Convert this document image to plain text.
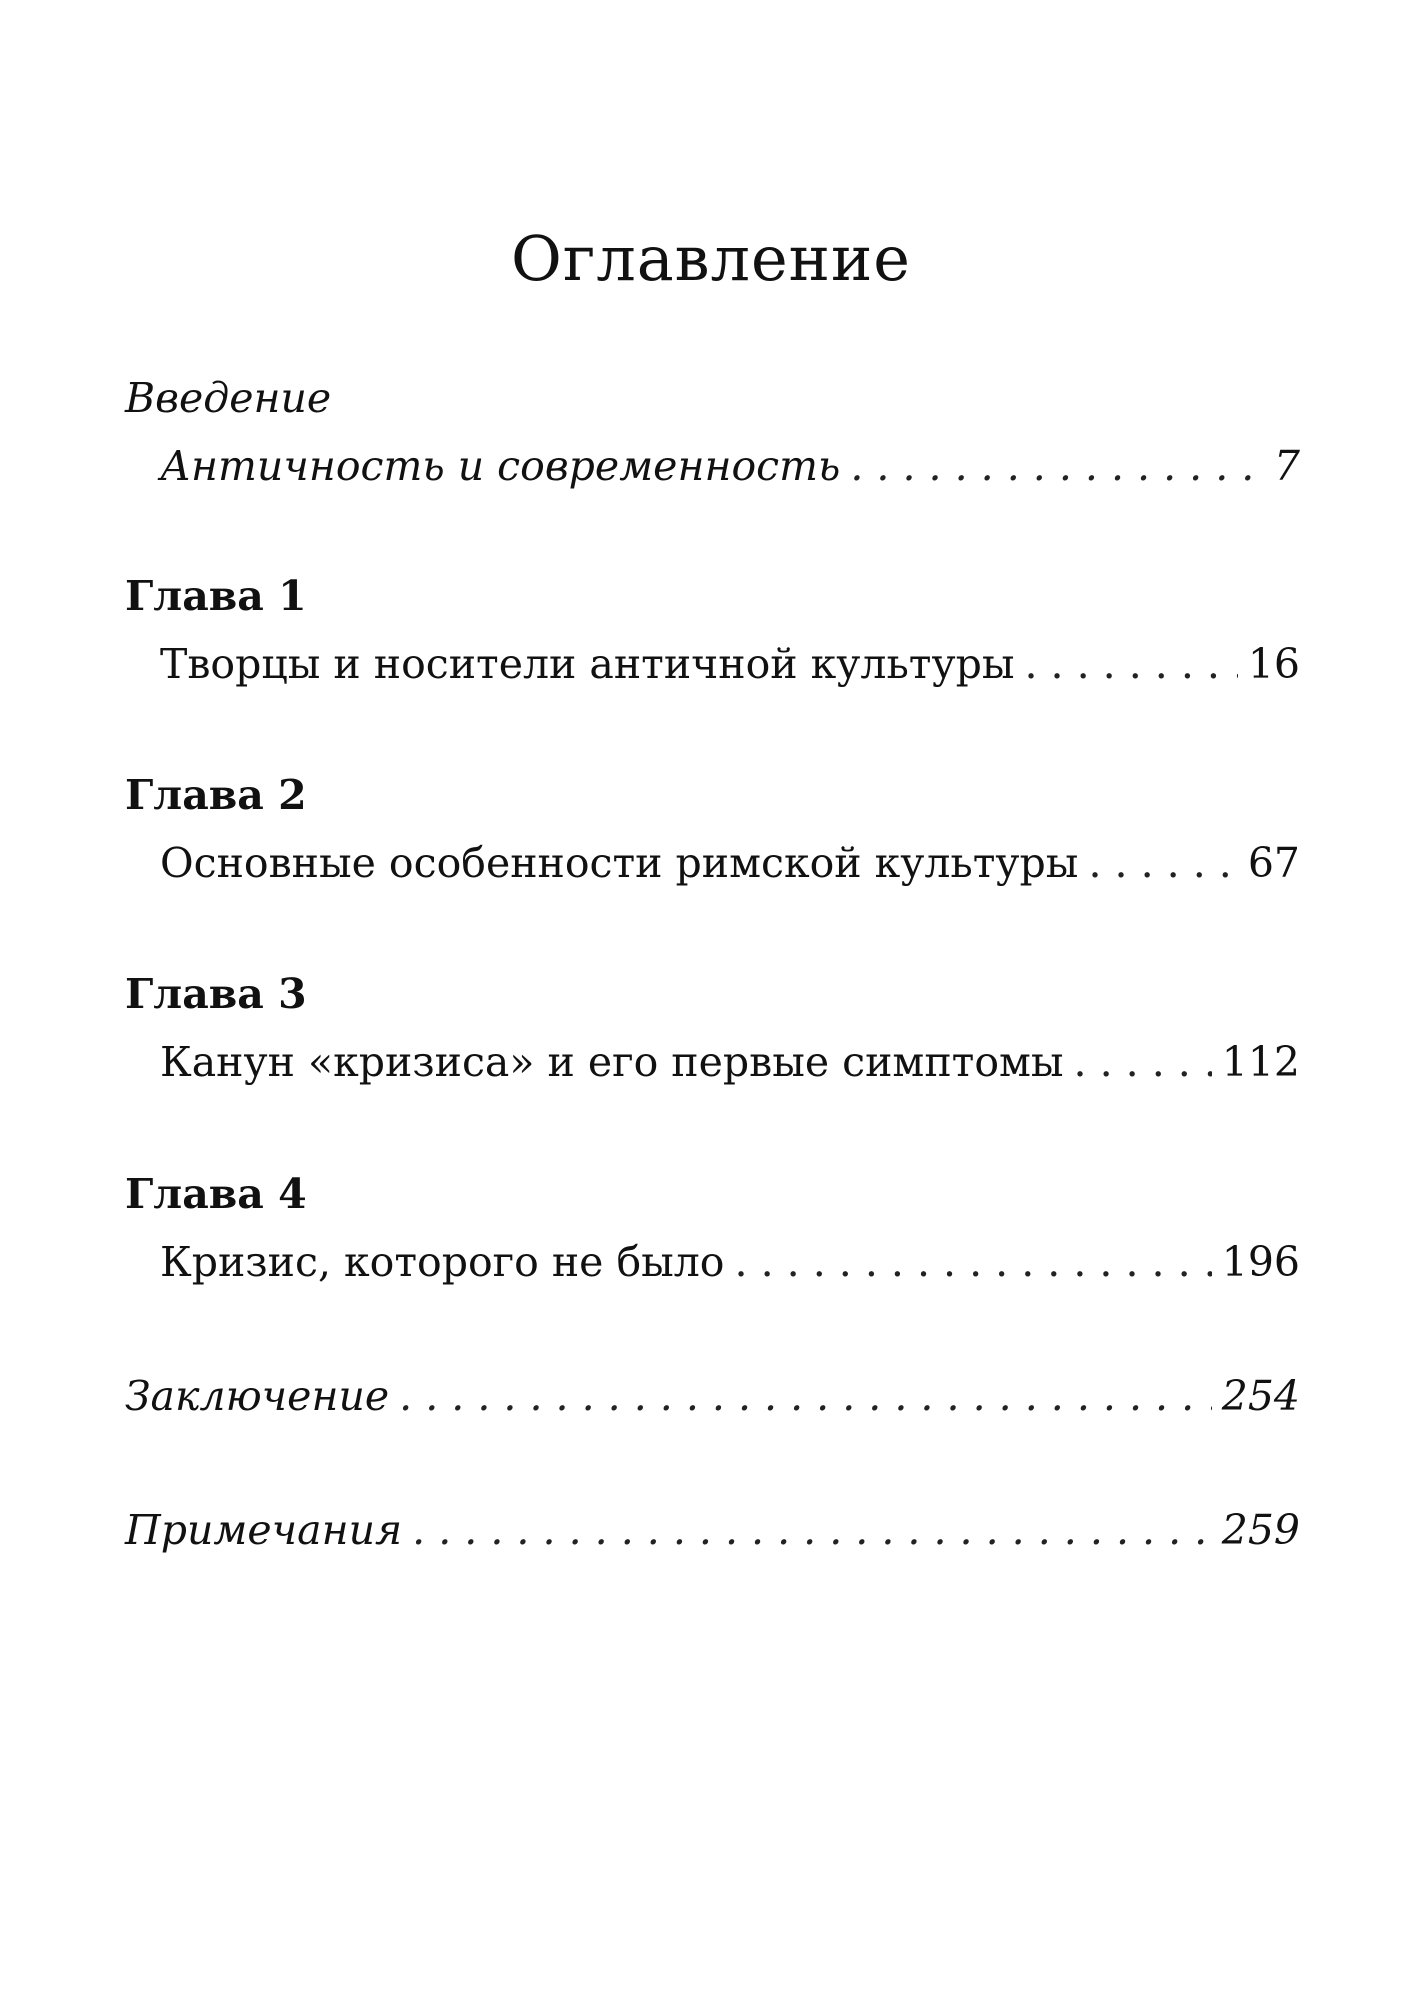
Оглавление
Введение
Античность и современность . . .	7
Глава 1
Творцы и носители античной культуры . . .	16
Глава 2
Основные особенности римской культуры . . .	67
Глава 3
Канун «кризиса» и его первые симптомы . . .	112
Глава 4
Кризис, которого не было . . .	196
Заключение . . .	254
Примечания . . .	259
